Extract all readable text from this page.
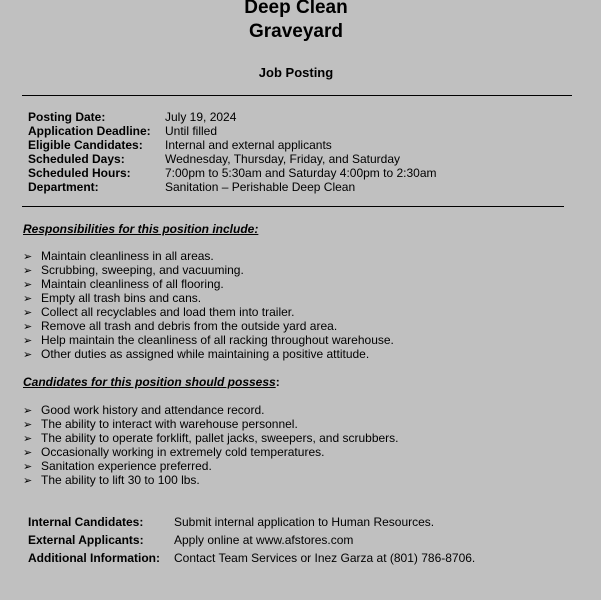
Deep Clean
Graveyard
Job Posting
Posting Date:	July 19, 2024
Application Deadline: Until filled
Eligible Candidates: Internal and external applicants
Scheduled Days:	Wednesday, Thursday, Friday, and Saturday
Scheduled Hours:	7:00pm to 5:30am and Saturday 4:00pm to 2:30am
Department:	Sanitation – Perishable Deep Clean
Responsibilities for this position include:
➢ Maintain cleanliness in all areas.
➢ Scrubbing, sweeping, and vacuuming.
➢ Maintain cleanliness of all flooring.
➢ Empty all trash bins and cans.
➢ Collect all recyclables and load them into trailer.
➢ Remove all trash and debris from the outside yard area.
➢ Help maintain the cleanliness of all racking throughout warehouse.
➢ Other duties as assigned while maintaining a positive attitude.
Candidates for this position should possess:
➢ Good work history and attendance record.
➢ The ability to interact with warehouse personnel.
➢ The ability to operate forklift, pallet jacks, sweepers, and scrubbers.
➢ Occasionally working in extremely cold temperatures.
➢ Sanitation experience preferred.
➢ The ability to lift 30 to 100 lbs.
Internal Candidates:	Submit internal application to Human Resources.
External Applicants:	Apply online at www.afstores.com
Additional Information: Contact Team Services or Inez Garza at (801) 786-8706.
